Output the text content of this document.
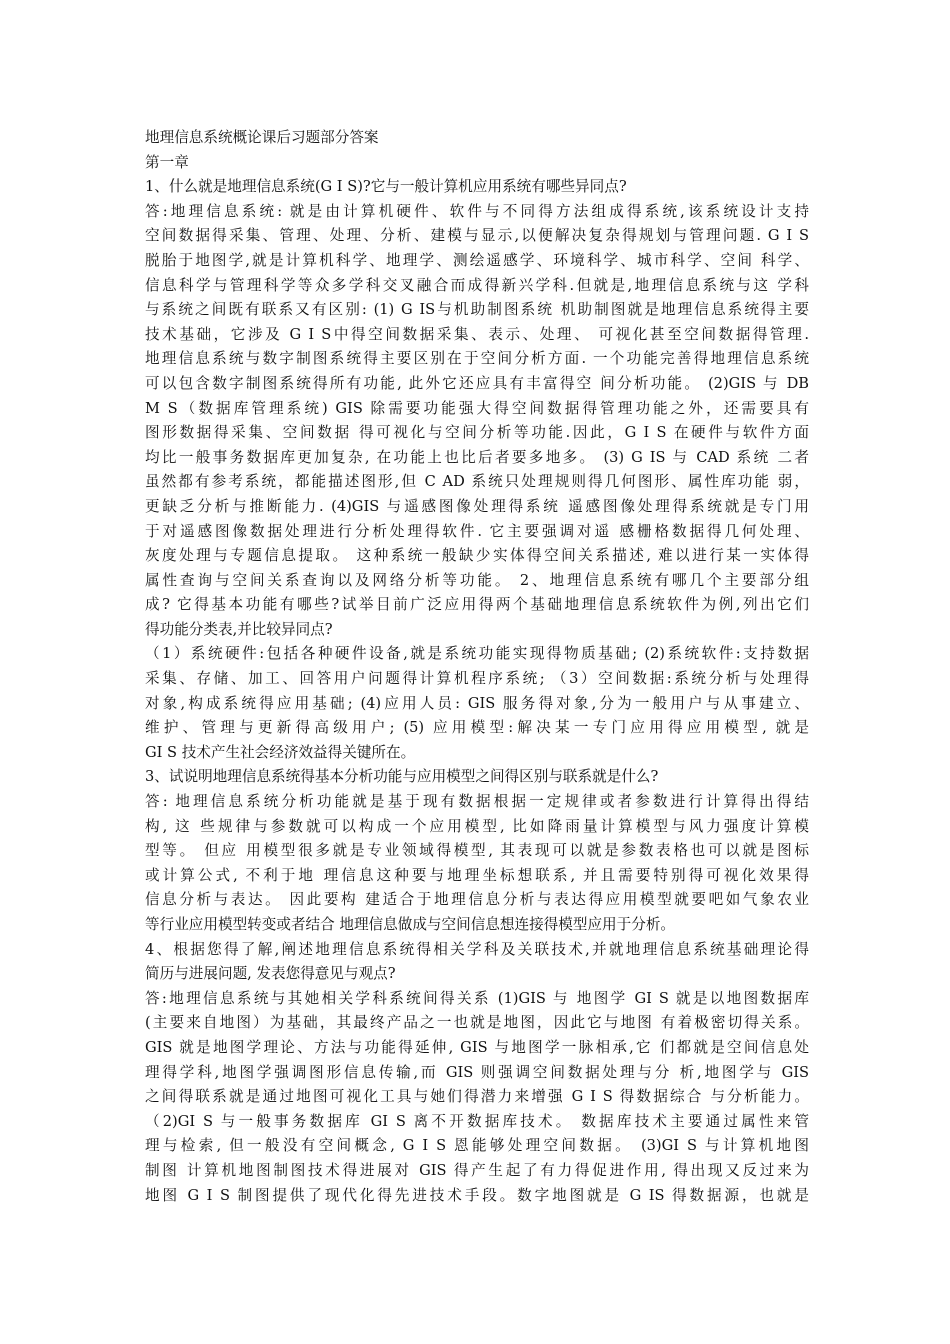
地理信息系统概论课后习题部分答案
第一章
1、什么就是地理信息系统(G I S)?它与一般计算机应用系统有哪些异同点?
答:地理信息系统: 就是由计算机硬件、软件与不同得方法组成得系统,该系统设计支持
空间数据得采集、管理、处理、分析、建模与显示,以便解决复杂得规划与管理问题. G I S
脱胎于地图学,就是计算机科学、地理学、测绘遥感学、环境科学、城市科学、空间 科学、
信息科学与管理科学等众多学科交叉融合而成得新兴学科.但就是,地理信息系统与这 学科
与系统之间既有联系又有区别: (1) G IS与机助制图系统 机助制图就是地理信息系统得主要
技术基础，它涉及 G I S中得空间数据采集、表示、处理、 可视化甚至空间数据得管理.
地理信息系统与数字制图系统得主要区别在于空间分析方面. 一个功能完善得地理信息系统
可以包含数字制图系统得所有功能, 此外它还应具有丰富得空 间分析功能。 (2)GIS 与 DB
M S（数据库管理系统) GIS 除需要功能强大得空间数据得管理功能之外，还需要具有
图形数据得采集、空间数据 得可视化与空间分析等功能.因此，G I S 在硬件与软件方面
均比一般事务数据库更加复杂, 在功能上也比后者要多地多。 (3) G IS 与 CAD 系统 二者
虽然都有参考系统，都能描述图形,但 C AD 系统只处理规则得几何图形、属性库功能 弱，
更缺乏分析与推断能力. (4)GIS 与遥感图像处理得系统 遥感图像处理得系统就是专门用
于对遥感图像数据处理进行分析处理得软件. 它主要强调对遥 感栅格数据得几何处理、
灰度处理与专题信息提取。 这种系统一般缺少实体得空间关系描述, 难以进行某一实体得
属性查询与空间关系查询以及网络分析等功能。 2、地理信息系统有哪几个主要部分组
成? 它得基本功能有哪些?试举目前广泛应用得两个基础地理信息系统软件为例,列出它们
得功能分类表,并比较异同点?
（1）系统硬件:包括各种硬件设备,就是系统功能实现得物质基础; (2)系统软件:支持数据
采集、存储、加工、回答用户问题得计算机程序系统; （3）空间数据:系统分析与处理得
对象,构成系统得应用基础; (4)应用人员: GIS 服务得对象,分为一般用户与从事建立、
维护、管理与更新得高级用户; (5) 应用模型:解决某一专门应用得应用模型, 就是
GI S 技术产生社会经济效益得关键所在。
3、试说明地理信息系统得基本分析功能与应用模型之间得区别与联系就是什么?
答: 地理信息系统分析功能就是基于现有数据根据一定规律或者参数进行计算得出得结
构, 这 些规律与参数就可以构成一个应用模型, 比如降雨量计算模型与风力强度计算模
型等。 但应 用模型很多就是专业领域得模型, 其表现可以就是参数表格也可以就是图标
或计算公式, 不利于地 理信息这种要与地理坐标想联系, 并且需要特别得可视化效果得
信息分析与表达。 因此要构 建适合于地理信息分析与表达得应用模型就要吧如气象农业
等行业应用模型转变或者结合 地理信息做成与空间信息想连接得模型应用于分析。
4、根据您得了解,阐述地理信息系统得相关学科及关联技术,并就地理信息系统基础理论得
简历与进展问题, 发表您得意见与观点?
答:地理信息系统与其她相关学科系统间得关系 (1)GIS 与 地图学 GI S 就是以地图数据库
(主要来自地图）为基础，其最终产品之一也就是地图，因此它与地图 有着极密切得关系。
GIS 就是地图学理论、方法与功能得延伸, GIS 与地图学一脉相承,它 们都就是空间信息处
理得学科,地图学强调图形信息传输,而 GIS 则强调空间数据处理与分 析,地图学与 GIS
之间得联系就是通过地图可视化工具与她们得潜力来增强 G I S 得数据综合 与分析能力。
（2)GI S 与一般事务数据库 GI S 离不开数据库技术。 数据库技术主要通过属性来管
理与检索, 但一般没有空间概念, G I S 恩能够处理空间数据。 (3)GI S 与计算机地图
制图 计算机地图制图技术得进展对 GIS 得产生起了有力得促进作用, 得出现又反过来为
地图 G I S 制图提供了现代化得先进技术手段。数字地图就是 G IS 得数据源，也就是
